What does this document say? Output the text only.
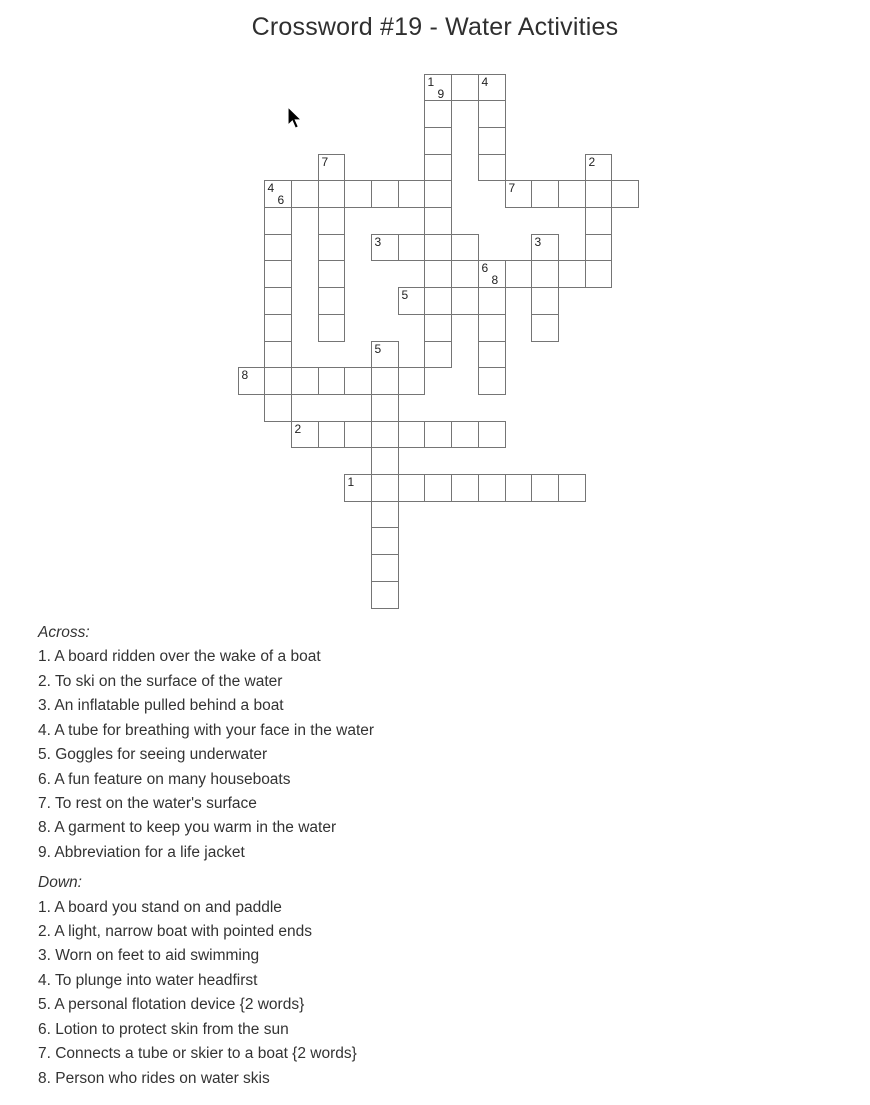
Crossword #19 - Water Activities
1
2
3
4
6
5
6
8
7
8
1
9
4
2
3
5
7
Across:
1. A board ridden over the wake of a boat
2. To ski on the surface of the water
3. An inflatable pulled behind a boat
4. A tube for breathing with your face in the water
5. Goggles for seeing underwater
6. A fun feature on many houseboats
7. To rest on the water's surface
8. A garment to keep you warm in the water
9. Abbreviation for a life jacket
Down:
1. A board you stand on and paddle
2. A light, narrow boat with pointed ends
3. Worn on feet to aid swimming
4. To plunge into water headfirst
5. A personal flotation device {2 words}
6. Lotion to protect skin from the sun
7. Connects a tube or skier to a boat {2 words}
8. Person who rides on water skis
